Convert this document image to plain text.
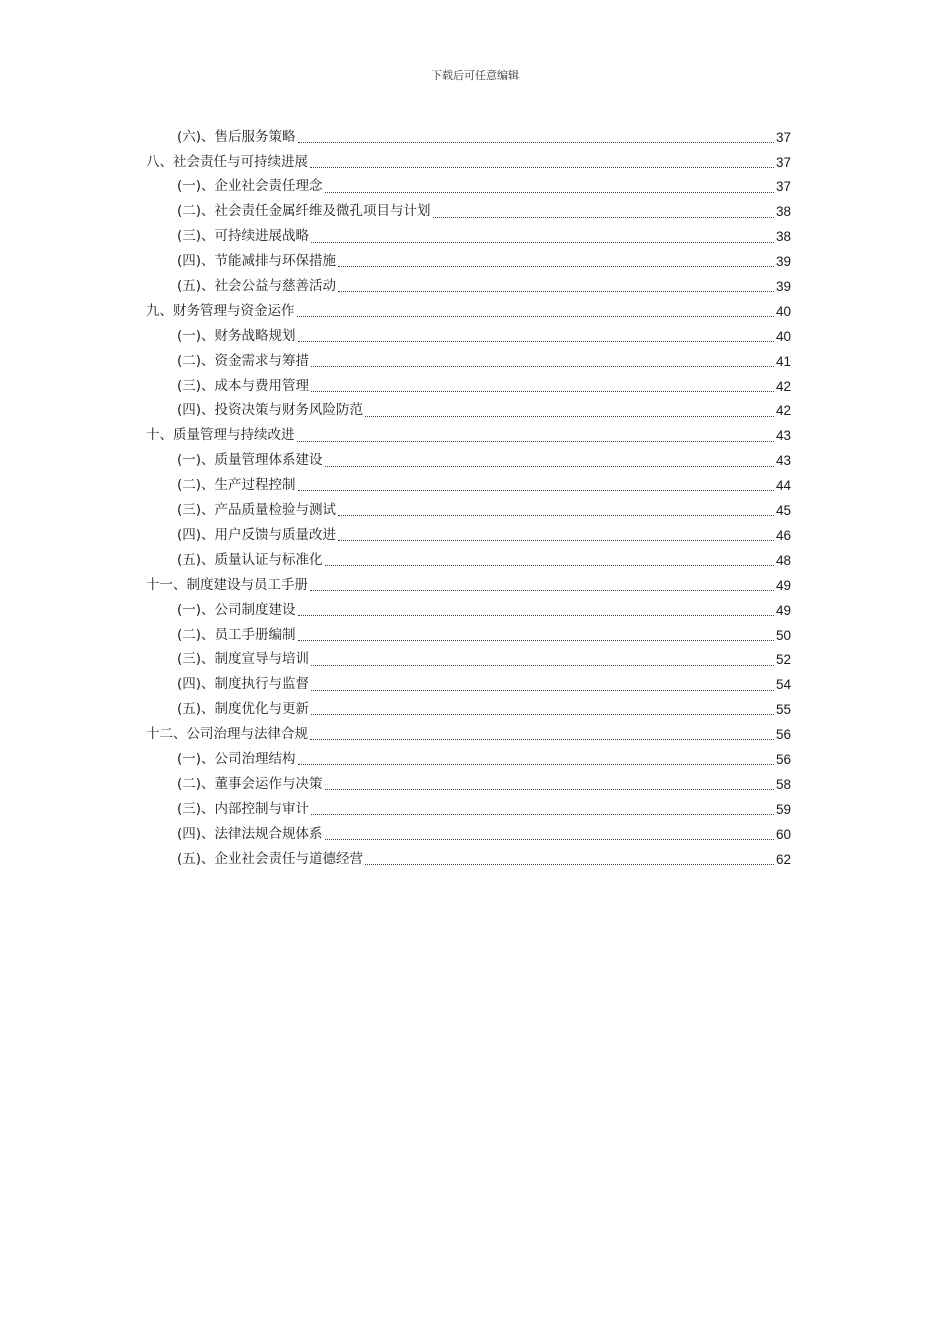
下载后可任意编辑
(六)、售后服务策略	37
八、社会责任与可持续进展	37
(一)、企业社会责任理念	37
(二)、社会责任金属纤维及微孔项目与计划	38
(三)、可持续进展战略	38
(四)、节能减排与环保措施	39
(五)、社会公益与慈善活动	39
九、财务管理与资金运作	40
(一)、财务战略规划	40
(二)、资金需求与筹措	41
(三)、成本与费用管理	42
(四)、投资决策与财务风险防范	42
十、质量管理与持续改进	43
(一)、质量管理体系建设	43
(二)、生产过程控制	44
(三)、产品质量检验与测试	45
(四)、用户反馈与质量改进	46
(五)、质量认证与标准化	48
十一、制度建设与员工手册	49
(一)、公司制度建设	49
(二)、员工手册编制	50
(三)、制度宣导与培训	52
(四)、制度执行与监督	54
(五)、制度优化与更新	55
十二、公司治理与法律合规	56
(一)、公司治理结构	56
(二)、董事会运作与决策	58
(三)、内部控制与审计	59
(四)、法律法规合规体系	60
(五)、企业社会责任与道德经营	62
